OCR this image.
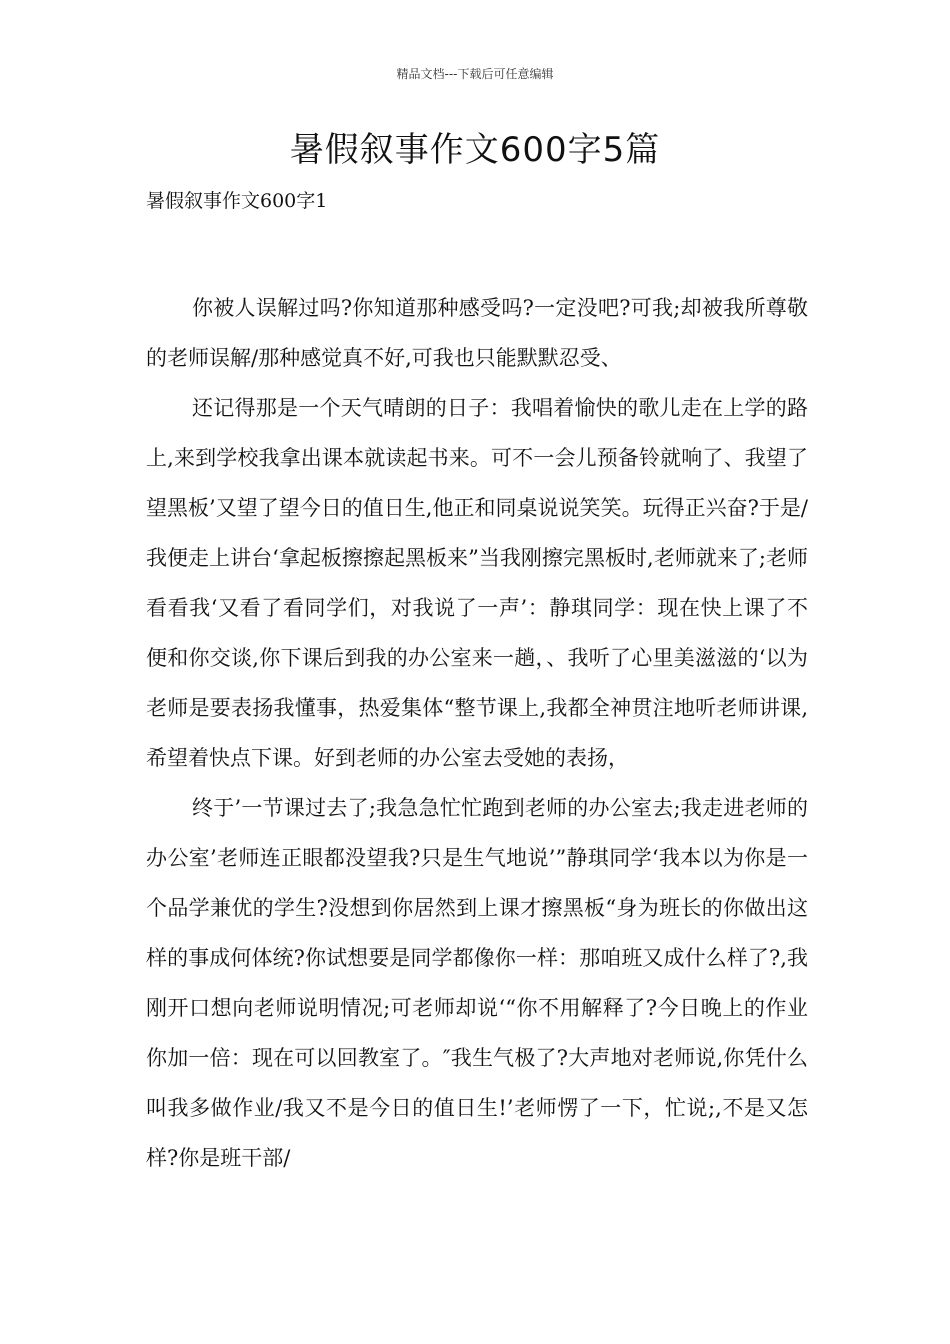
精品文档---下载后可任意编辑
暑假叙事作文600字5篇
暑假叙事作文600字1

你被人误解过吗?你知道那种感受吗?一定没吧?可我;却被我所尊敬的老师误解/那种感觉真不好,可我也只能默默忍受、

还记得那是一个天气晴朗的日子：我唱着愉快的歌儿走在上学的路上,来到学校我拿出课本就读起书来。可不一会儿预备铃就响了、我望了望黑板’又望了望今日的值日生,他正和同桌说说笑笑。玩得正兴奋?于是/我便走上讲台‘拿起板擦擦起黑板来”当我刚擦完黑板时,老师就来了;老师看看我‘又看了看同学们，对我说了一声’：静琪同学：现在快上课了不便和你交谈,你下课后到我的办公室来一趟，、我听了心里美滋滋的‘以为老师是要表扬我懂事，热爱集体“整节课上,我都全神贯注地听老师讲课,希望着快点下课。好到老师的办公室去受她的表扬，

终于’一节课过去了;我急急忙忙跑到老师的办公室去;我走进老师的办公室’老师连正眼都没望我?只是生气地说’”静琪同学‘我本以为你是一个品学兼优的学生?没想到你居然到上课才擦黑板“身为班长的你做出这样的事成何体统?你试想要是同学都像你一样：那咱班又成什么样了?,我刚开口想向老师说明情况;可老师却说‘“你不用解释了?今日晚上的作业你加一倍：现在可以回教室了。″我生气极了?大声地对老师说,你凭什么叫我多做作业/我又不是今日的值日生!’老师愣了一下，忙说;,不是又怎样?你是班干部/
